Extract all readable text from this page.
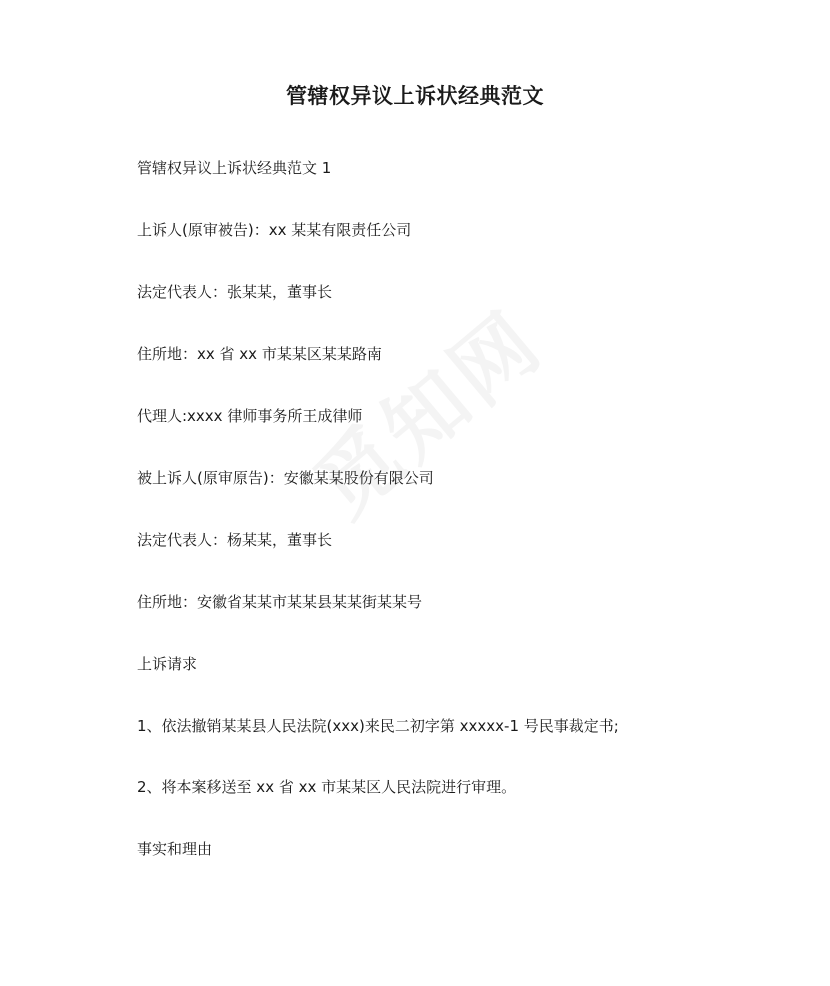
管辖权异议上诉状经典范文
管辖权异议上诉状经典范文 1
上诉人(原审被告)：xx 某某有限责任公司
法定代表人：张某某，董事长
住所地：xx 省 xx 市某某区某某路南
代理人:xxxx 律师事务所王成律师
被上诉人(原审原告)：安徽某某股份有限公司
法定代表人：杨某某，董事长
住所地：安徽省某某市某某县某某街某某号
上诉请求
1、依法撤销某某县人民法院(xxx)来民二初字第 xxxxx-1 号民事裁定书;
2、将本案移送至 xx 省 xx 市某某区人民法院进行审理。
事实和理由
